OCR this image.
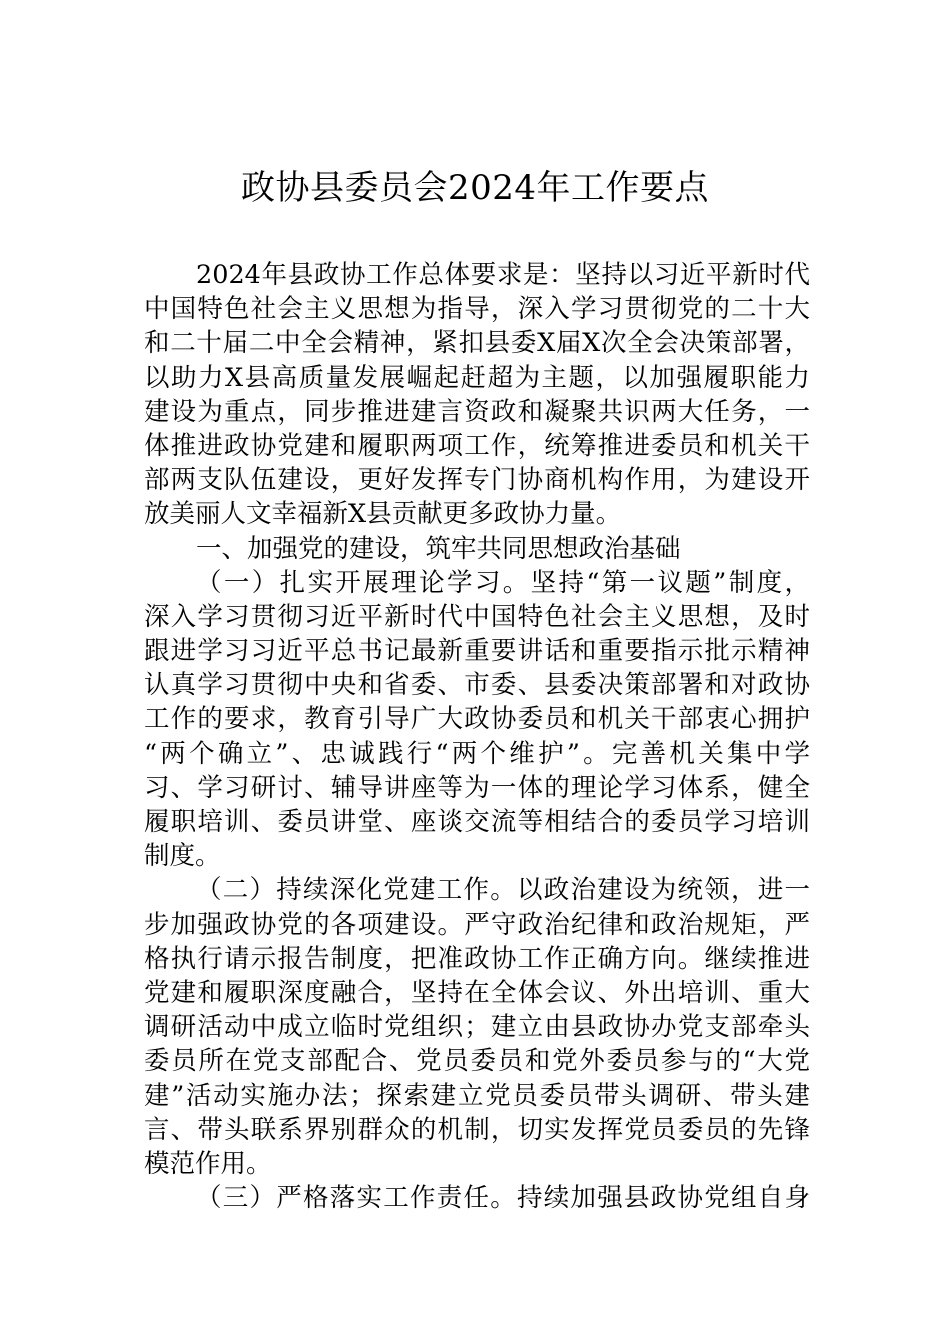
政协县委员会2024年工作要点
2024年县政协工作总体要求是：坚持以习近平新时代
中国特色社会主义思想为指导，深入学习贯彻党的二十大
和二十届二中全会精神，紧扣县委X届X次全会决策部署，
以助力X县高质量发展崛起赶超为主题，以加强履职能力
建设为重点，同步推进建言资政和凝聚共识两大任务，一
体推进政协党建和履职两项工作，统筹推进委员和机关干
部两支队伍建设，更好发挥专门协商机构作用，为建设开
放美丽人文幸福新X县贡献更多政协力量。
一、加强党的建设，筑牢共同思想政治基础
（一）扎实开展理论学习。坚持“第一议题”制度，
深入学习贯彻习近平新时代中国特色社会主义思想，及时
跟进学习习近平总书记最新重要讲话和重要指示批示精神
认真学习贯彻中央和省委、市委、县委决策部署和对政协
工作的要求，教育引导广大政协委员和机关干部衷心拥护
“两个确立”、忠诚践行“两个维护”。完善机关集中学
习、学习研讨、辅导讲座等为一体的理论学习体系，健全
履职培训、委员讲堂、座谈交流等相结合的委员学习培训
制度。
（二）持续深化党建工作。以政治建设为统领，进一
步加强政协党的各项建设。严守政治纪律和政治规矩，严
格执行请示报告制度，把准政协工作正确方向。继续推进
党建和履职深度融合，坚持在全体会议、外出培训、重大
调研活动中成立临时党组织；建立由县政协办党支部牵头
委员所在党支部配合、党员委员和党外委员参与的“大党
建”活动实施办法；探索建立党员委员带头调研、带头建
言、带头联系界别群众的机制，切实发挥党员委员的先锋
模范作用。
（三）严格落实工作责任。持续加强县政协党组自身
